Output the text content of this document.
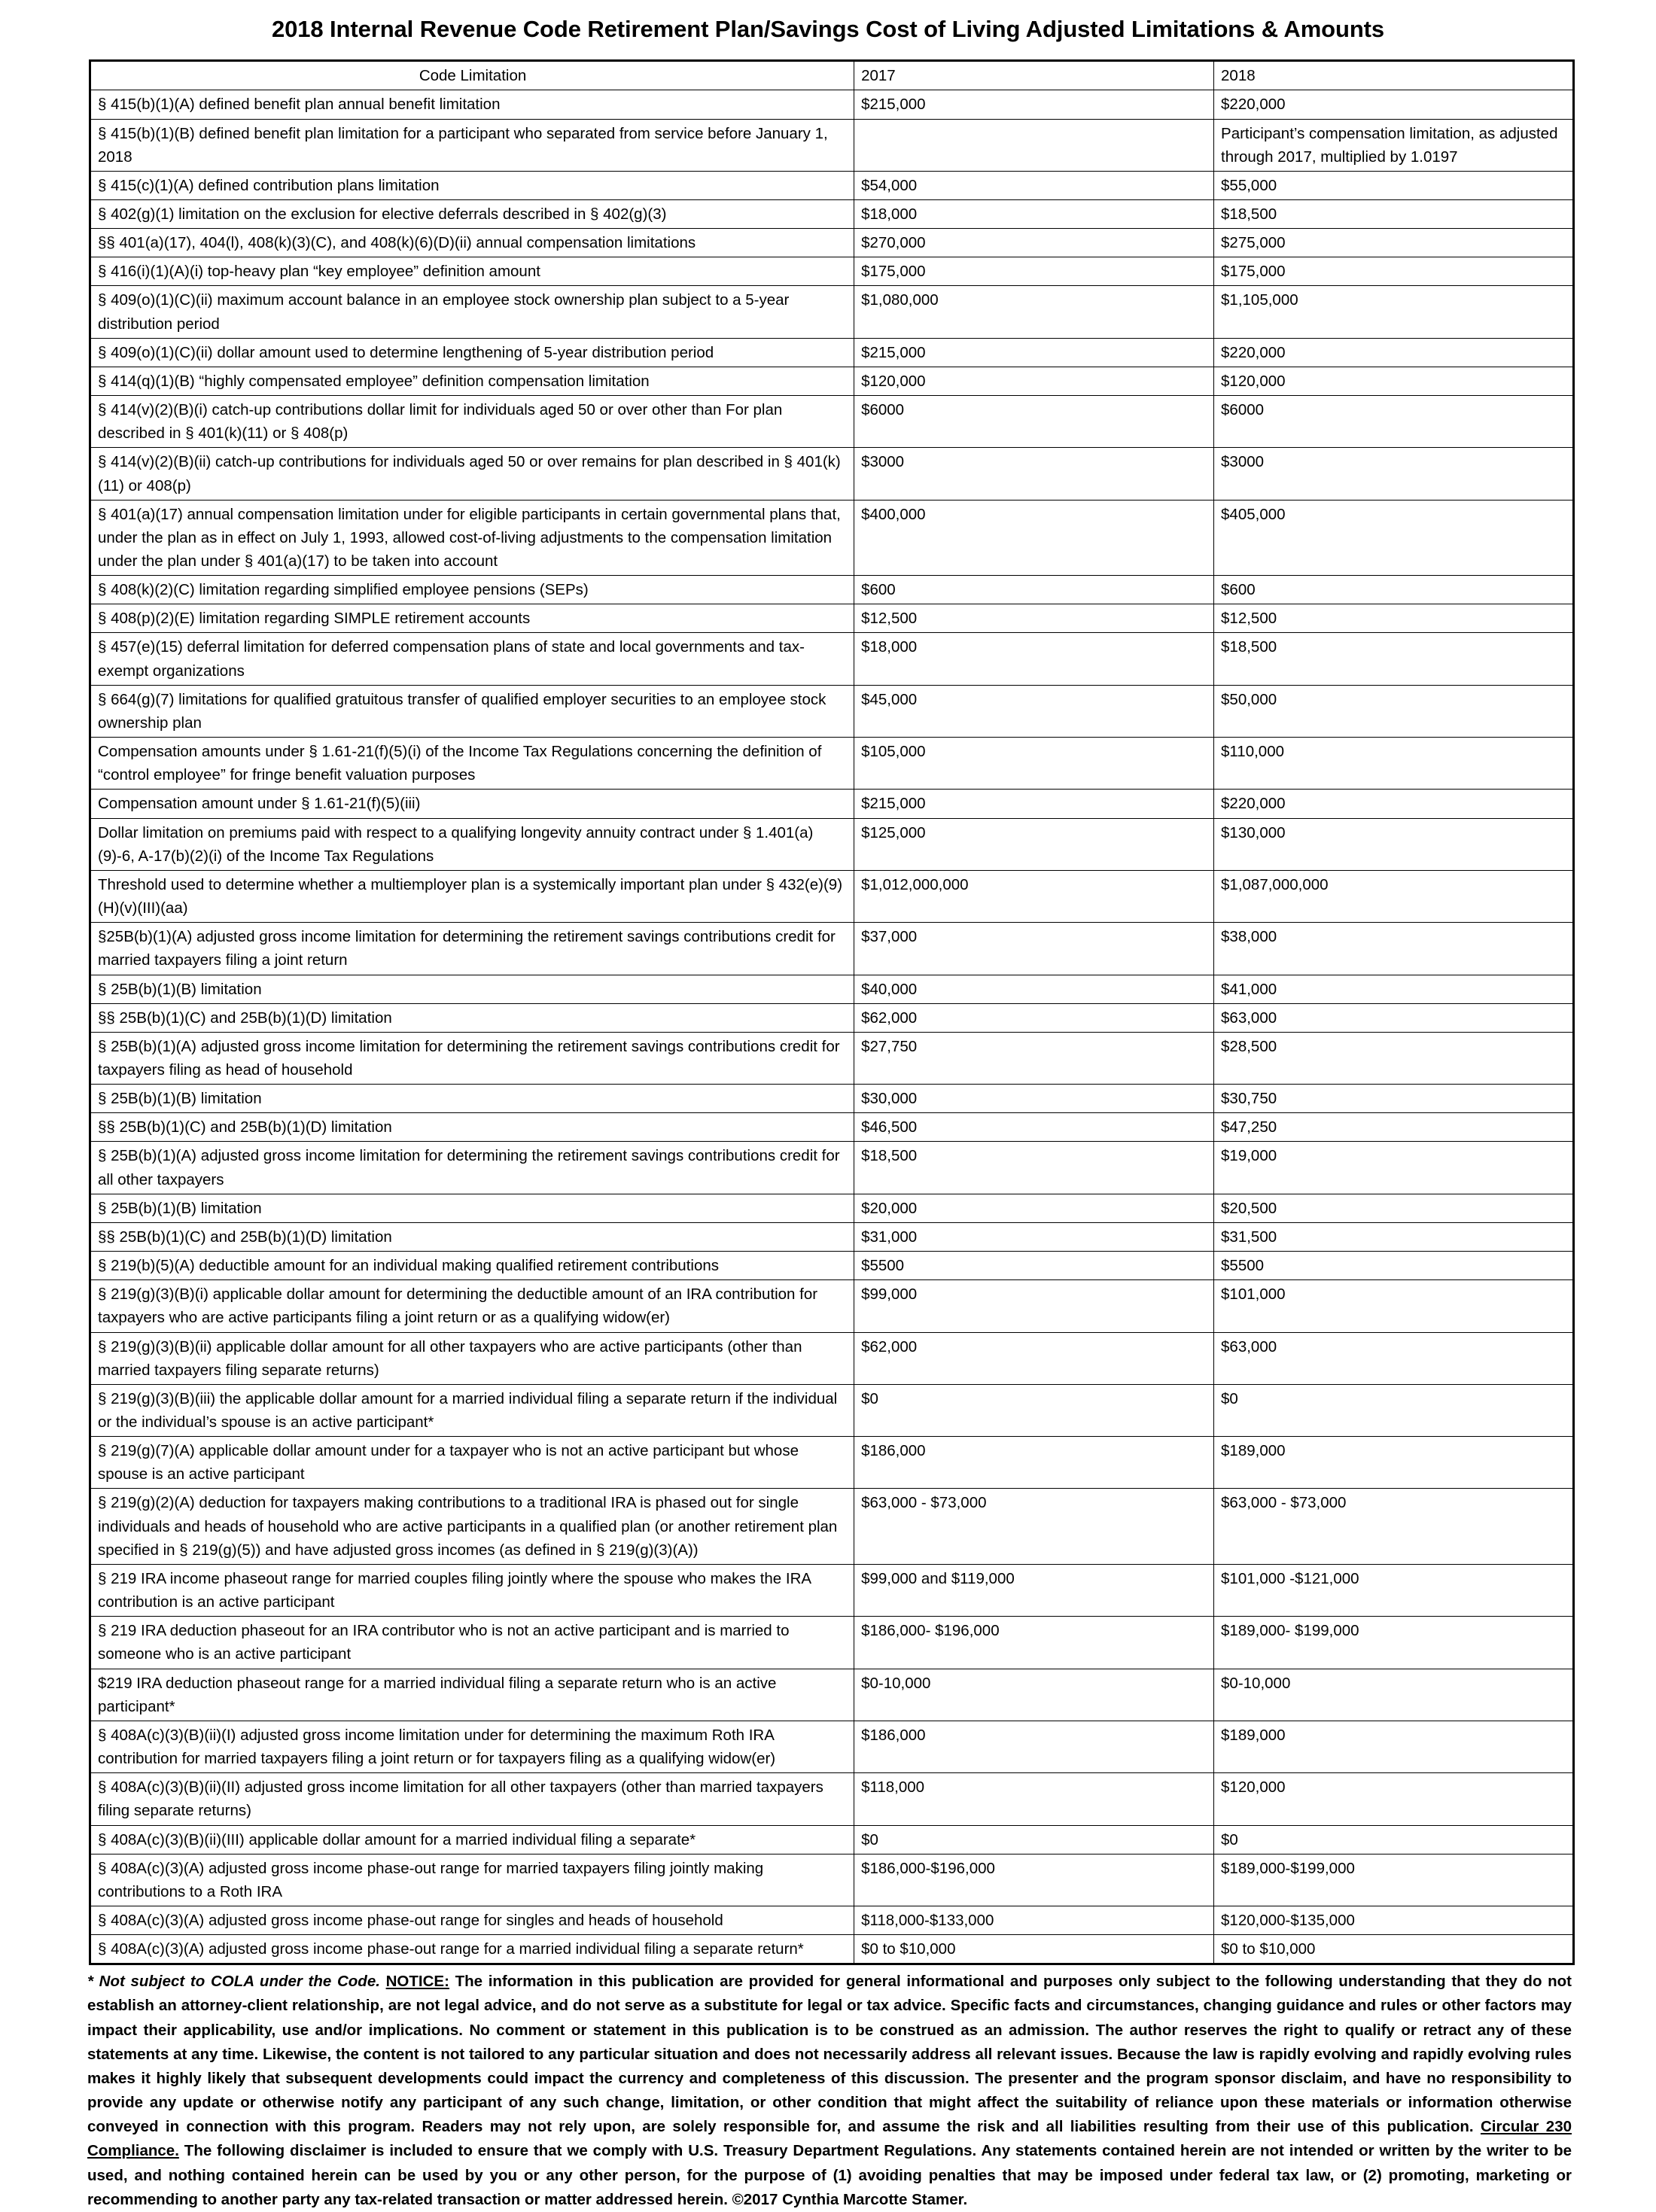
2018 Internal Revenue Code Retirement Plan/Savings Cost of Living Adjusted Limitations & Amounts
Code Limitation	2017	2018
§ 415(b)(1)(A) defined benefit plan annual benefit limitation	$215,000	$220,000
§ 415(b)(1)(B) defined benefit plan limitation for a participant who separated from service before January 1, 2018		Participant’s compensation limitation, as adjusted through 2017, multiplied by 1.0197
§ 415(c)(1)(A) defined contribution plans limitation	$54,000	$55,000
§ 402(g)(1) limitation on the exclusion for elective deferrals described in § 402(g)(3)	$18,000	$18,500
§§ 401(a)(17), 404(l), 408(k)(3)(C), and 408(k)(6)(D)(ii) annual compensation limitations	$270,000	$275,000
§ 416(i)(1)(A)(i) top-heavy plan “key employee” definition amount	$175,000	$175,000
§ 409(o)(1)(C)(ii) maximum account balance in an employee stock ownership plan subject to a 5-year distribution period	$1,080,000	$1,105,000
§ 409(o)(1)(C)(ii) dollar amount used to determine lengthening of 5-year distribution period	$215,000	$220,000
§ 414(q)(1)(B) “highly compensated employee” definition compensation limitation	$120,000	$120,000
§ 414(v)(2)(B)(i) catch-up contributions dollar limit for individuals aged 50 or over other than For plan described in § 401(k)(11) or § 408(p)	$6000	$6000
§ 414(v)(2)(B)(ii) catch-up contributions for individuals aged 50 or over remains for plan described in § 401(k)(11) or 408(p)	$3000	$3000
§ 401(a)(17) annual compensation limitation under for eligible participants in certain governmental plans that, under the plan as in effect on July 1, 1993, allowed cost-of-living adjustments to the compensation limitation under the plan under § 401(a)(17) to be taken into account	$400,000	$405,000
§ 408(k)(2)(C) limitation regarding simplified employee pensions (SEPs)	$600	$600
§ 408(p)(2)(E) limitation regarding SIMPLE retirement accounts	$12,500	$12,500
§ 457(e)(15) deferral limitation for deferred compensation plans of state and local governments and tax-exempt organizations	$18,000	$18,500
§ 664(g)(7) limitations for qualified gratuitous transfer of qualified employer securities to an employee stock ownership plan	$45,000	$50,000
Compensation amounts under § 1.61-21(f)(5)(i) of the Income Tax Regulations concerning the definition of “control employee” for fringe benefit valuation purposes	$105,000	$110,000
Compensation amount under § 1.61-21(f)(5)(iii)	$215,000	$220,000
Dollar limitation on premiums paid with respect to a qualifying longevity annuity contract under § 1.401(a)(9)-6, A-17(b)(2)(i) of the Income Tax Regulations	$125,000	$130,000
Threshold used to determine whether a multiemployer plan is a systemically important plan under § 432(e)(9)(H)(v)(III)(aa)	$1,012,000,000	$1,087,000,000
§25B(b)(1)(A) adjusted gross income limitation for determining the retirement savings contributions credit for married taxpayers filing a joint return	$37,000	$38,000
§ 25B(b)(1)(B) limitation	$40,000	$41,000
§§ 25B(b)(1)(C) and 25B(b)(1)(D) limitation	$62,000	$63,000
§ 25B(b)(1)(A) adjusted gross income limitation for determining the retirement savings contributions credit for taxpayers filing as head of household	$27,750	$28,500
§ 25B(b)(1)(B) limitation	$30,000	$30,750
§§ 25B(b)(1)(C) and 25B(b)(1)(D) limitation	$46,500	$47,250
§ 25B(b)(1)(A) adjusted gross income limitation for determining the retirement savings contributions credit for all other taxpayers	$18,500	$19,000
§ 25B(b)(1)(B) limitation	$20,000	$20,500
§§ 25B(b)(1)(C) and 25B(b)(1)(D) limitation	$31,000	$31,500
§ 219(b)(5)(A) deductible amount for an individual making qualified retirement contributions	$5500	$5500
§ 219(g)(3)(B)(i) applicable dollar amount for determining the deductible amount of an IRA contribution for taxpayers who are active participants filing a joint return or as a qualifying widow(er)	$99,000	$101,000
§ 219(g)(3)(B)(ii) applicable dollar amount for all other taxpayers who are active participants (other than married taxpayers filing separate returns)	$62,000	$63,000
§ 219(g)(3)(B)(iii) the applicable dollar amount for a married individual filing a separate return if the individual or the individual’s spouse is an active participant*	$0	$0
§ 219(g)(7)(A) applicable dollar amount under for a taxpayer who is not an active participant but whose spouse is an active participant	$186,000	$189,000
§ 219(g)(2)(A) deduction for taxpayers making contributions to a traditional IRA is phased out for single individuals and heads of household who are active participants in a qualified plan (or another retirement plan specified in § 219(g)(5)) and have adjusted gross incomes (as defined in § 219(g)(3)(A))	$63,000 - $73,000	$63,000 - $73,000
§ 219 IRA income phaseout range for married couples filing jointly where the spouse who makes the IRA contribution is an active participant	$99,000 and $119,000	$101,000 -$121,000
§ 219 IRA deduction phaseout for an IRA contributor who is not an active participant and is married to someone who is an active participant	$186,000- $196,000	$189,000- $199,000
$219 IRA deduction phaseout range for a married individual filing a separate return who is an active participant*	$0-10,000	$0-10,000
§ 408A(c)(3)(B)(ii)(I) adjusted gross income limitation under for determining the maximum Roth IRA contribution for married taxpayers filing a joint return or for taxpayers filing as a qualifying widow(er)	$186,000	$189,000
§ 408A(c)(3)(B)(ii)(II) adjusted gross income limitation for all other taxpayers (other than married taxpayers filing separate returns)	$118,000	$120,000
§ 408A(c)(3)(B)(ii)(III) applicable dollar amount for a married individual filing a separate*	$0	$0
§ 408A(c)(3)(A) adjusted gross income phase-out range for married taxpayers filing jointly making contributions to a Roth IRA	$186,000-$196,000	$189,000-$199,000
§ 408A(c)(3)(A) adjusted gross income phase-out range for singles and heads of household	$118,000-$133,000	$120,000-$135,000
§ 408A(c)(3)(A) adjusted gross income phase-out range for a married individual filing a separate return*	$0 to $10,000	$0 to $10,000
* Not subject to COLA under the Code. NOTICE: The information in this publication are provided for general informational and purposes only subject to the following understanding that they do not establish an attorney-client relationship, are not legal advice, and do not serve as a substitute for legal or tax advice. Specific facts and circumstances, changing guidance and rules or other factors may impact their applicability, use and/or implications. No comment or statement in this publication is to be construed as an admission. The author reserves the right to qualify or retract any of these statements at any time. Likewise, the content is not tailored to any particular situation and does not necessarily address all relevant issues. Because the law is rapidly evolving and rapidly evolving rules makes it highly likely that subsequent developments could impact the currency and completeness of this discussion. The presenter and the program sponsor disclaim, and have no responsibility to provide any update or otherwise notify any participant of any such change, limitation, or other condition that might affect the suitability of reliance upon these materials or information otherwise conveyed in connection with this program. Readers may not rely upon, are solely responsible for, and assume the risk and all liabilities resulting from their use of this publication. Circular 230 Compliance. The following disclaimer is included to ensure that we comply with U.S. Treasury Department Regulations. Any statements contained herein are not intended or written by the writer to be used, and nothing contained herein can be used by you or any other person, for the purpose of (1) avoiding penalties that may be imposed under federal tax law, or (2) promoting, marketing or recommending to another party any tax-related transaction or matter addressed herein. ©2017 Cynthia Marcotte Stamer.
